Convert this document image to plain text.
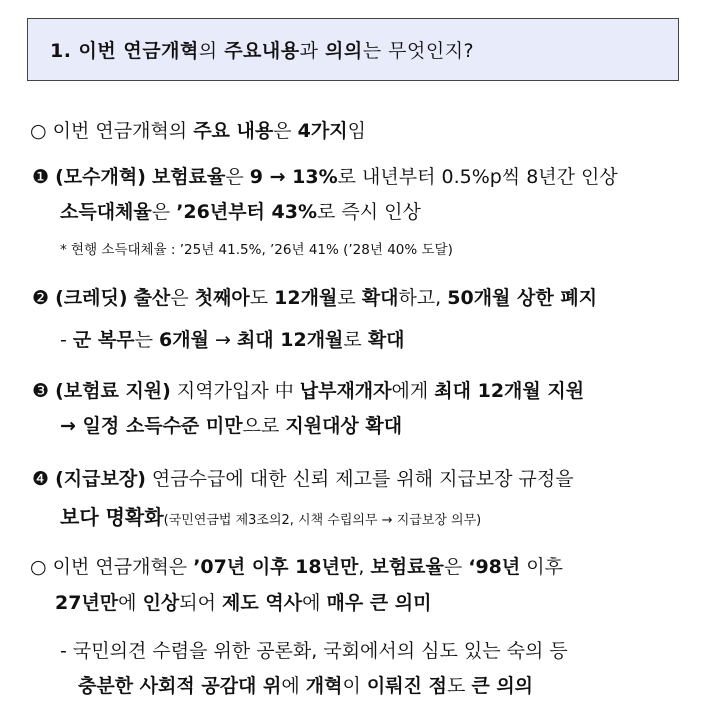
1. 이번 연금개혁의 주요내용과 의의는 무엇인지?
○ 이번 연금개혁의 주요 내용은 4가지임
❶ (모수개혁) 보험료율은 9 → 13%로 내년부터 0.5%p씩 8년간 인상
소득대체율은 ’26년부터 43%로 즉시 인상
* 현행 소득대체율 : ’25년 41.5%, ’26년 41% (’28년 40% 도달)
❷ (크레딧) 출산은 첫째아도 12개월로 확대하고, 50개월 상한 폐지
- 군 복무는 6개월 → 최대 12개월로 확대
❸ (보험료 지원) 지역가입자 中 납부재개자에게 최대 12개월 지원
→ 일정 소득수준 미만으로 지원대상 확대
❹ (지급보장) 연금수급에 대한 신뢰 제고를 위해 지급보장 규정을
보다 명확화(국민연금법 제3조의2, 시책 수립의무 → 지급보장 의무)
○ 이번 연금개혁은 ’07년 이후 18년만, 보험료율은 ‘98년 이후
27년만에 인상되어 제도 역사에 매우 큰 의미
- 국민의견 수렴을 위한 공론화, 국회에서의 심도 있는 숙의 등
충분한 사회적 공감대 위에 개혁이 이뤄진 점도 큰 의의
